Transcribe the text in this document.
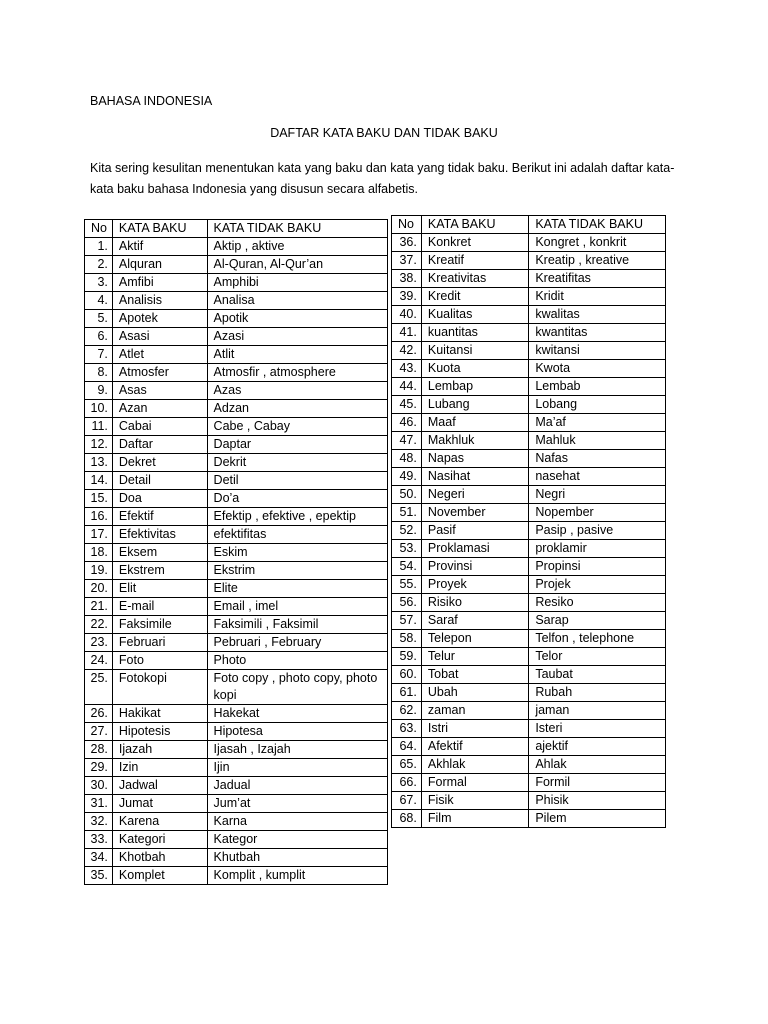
BAHASA INDONESIA
DAFTAR KATA BAKU DAN TIDAK BAKU
Kita sering kesulitan menentukan kata yang baku dan kata yang tidak baku. Berikut ini adalah daftar kata-kata baku bahasa Indonesia yang disusun secara alfabetis.
No	KATA BAKU	KATA TIDAK BAKU
1.	Aktif	Aktip , aktive
2.	Alquran	Al-Quran, Al-Qur’an
3.	Amfibi	Amphibi
4.	Analisis	Analisa
5.	Apotek	Apotik
6.	Asasi	Azasi
7.	Atlet	Atlit
8.	Atmosfer	Atmosfir , atmosphere
9.	Asas	Azas
10.	Azan	Adzan
11.	Cabai	Cabe , Cabay
12.	Daftar	Daptar
13.	Dekret	Dekrit
14.	Detail	Detil
15.	Doa	Do’a
16.	Efektif	Efektip , efektive , epektip
17.	Efektivitas	efektifitas
18.	Eksem	Eskim
19.	Ekstrem	Ekstrim
20.	Elit	Elite
21.	E-mail	Email , imel
22.	Faksimile	Faksimili , Faksimil
23.	Februari	Pebruari , February
24.	Foto	Photo
25.	Fotokopi	Foto copy , photo copy, photo kopi
26.	Hakikat	Hakekat
27.	Hipotesis	Hipotesa
28.	Ijazah	Ijasah , Izajah
29.	Izin	Ijin
30.	Jadwal	Jadual
31.	Jumat	Jum’at
32.	Karena	Karna
33.	Kategori	Kategor
34.	Khotbah	Khutbah
35.	Komplet	Komplit , kumplit
No	KATA BAKU	KATA TIDAK BAKU
36.	Konkret	Kongret , konkrit
37.	Kreatif	Kreatip , kreative
38.	Kreativitas	Kreatifitas
39.	Kredit	Kridit
40.	Kualitas	kwalitas
41.	kuantitas	kwantitas
42.	Kuitansi	kwitansi
43.	Kuota	Kwota
44.	Lembap	Lembab
45.	Lubang	Lobang
46.	Maaf	Ma’af
47.	Makhluk	Mahluk
48.	Napas	Nafas
49.	Nasihat	nasehat
50.	Negeri	Negri
51.	November	Nopember
52.	Pasif	Pasip , pasive
53.	Proklamasi	proklamir
54.	Provinsi	Propinsi
55.	Proyek	Projek
56.	Risiko	Resiko
57.	Saraf	Sarap
58.	Telepon	Telfon , telephone
59.	Telur	Telor
60.	Tobat	Taubat
61.	Ubah	Rubah
62.	zaman	jaman
63.	Istri	Isteri
64.	Afektif	ajektif
65.	Akhlak	Ahlak
66.	Formal	Formil
67.	Fisik	Phisik
68.	Film	Pilem
